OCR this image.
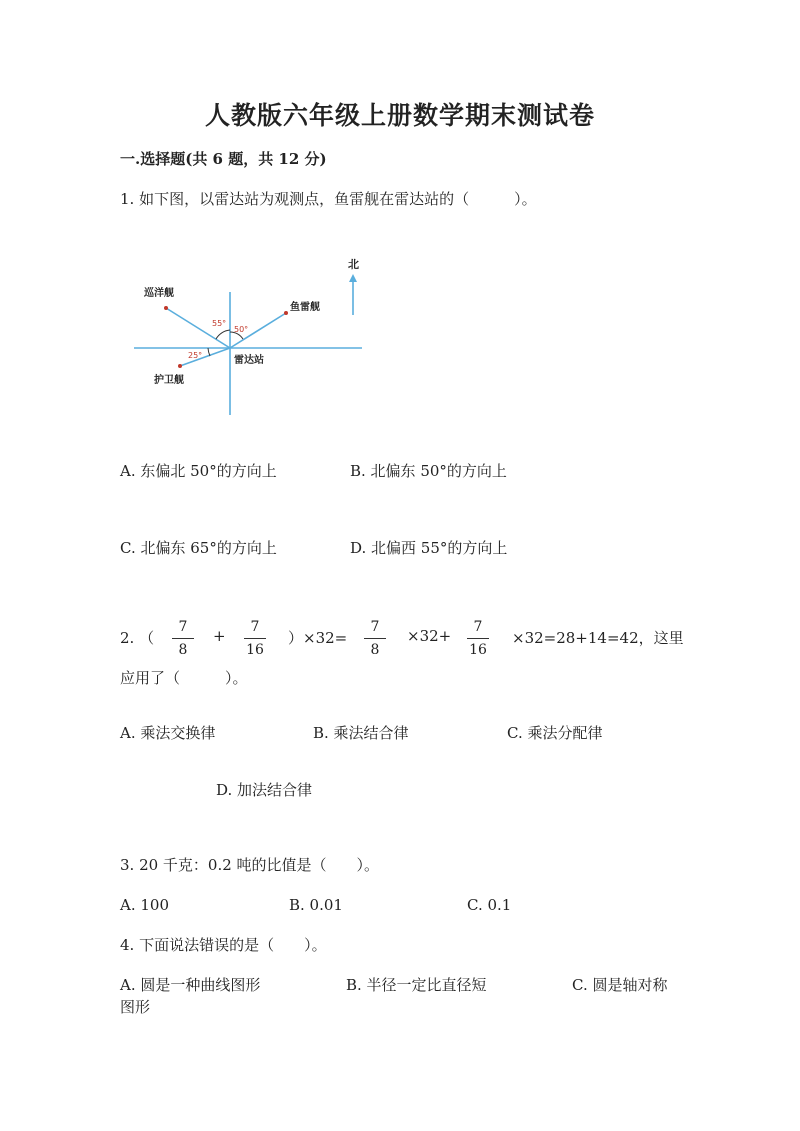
人教版六年级上册数学期末测试卷
一.选择题(共 6 题，共 12 分)
1. 如下图，以雷达站为观测点，鱼雷舰在雷达站的（　　　）。
北
巡洋舰
鱼雷舰
雷达站
护卫舰
55°
50°
25°
A. 东偏北 50°的方向上	B. 北偏东 50°的方向上
C. 北偏东 65°的方向上	D. 北偏西 55°的方向上
2. （
7
8
+	7
16
）×32=
7
8
×32+	7
16
×32=28+14=42，这里
应用了（　　　）。
A. 乘法交换律	B. 乘法结合律	C. 乘法分配律
D. 加法结合律
3. 20 千克：0.2 吨的比值是（　　）。
A. 100	B. 0.01	C. 0.1
4. 下面说法错误的是（　　）。
A. 圆是一种曲线图形	B. 半径一定比直径短	C. 圆是轴对称
图形
